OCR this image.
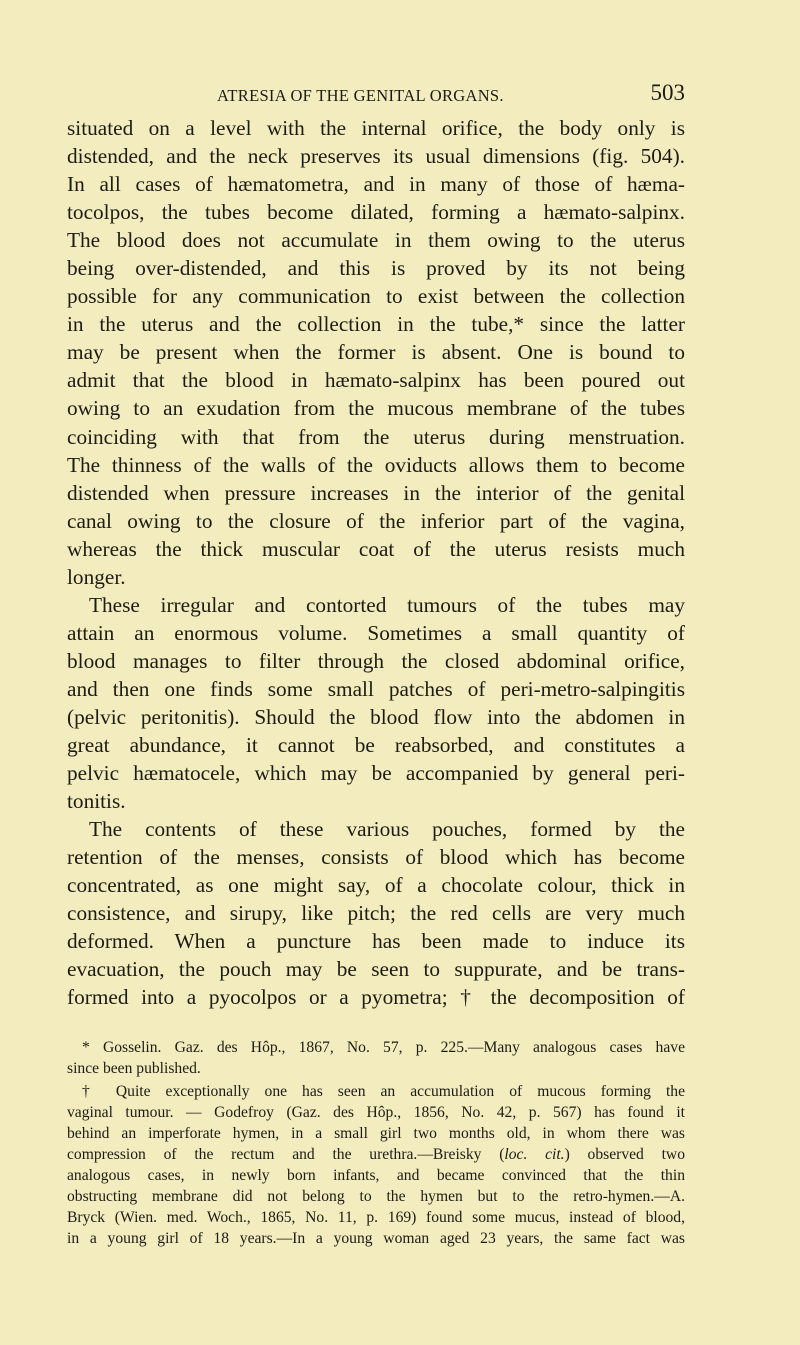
ATRESIA OF THE GENITAL ORGANS.	503
situated on a level with the internal orifice, the body only is
distended, and the neck preserves its usual dimensions (fig. 504).
In all cases of hæmatometra, and in many of those of hæma-
tocolpos, the tubes become dilated, forming a hæmato-salpinx.
The blood does not accumulate in them owing to the uterus
being over-distended, and this is proved by its not being
possible for any communication to exist between the collection
in the uterus and the collection in the tube,* since the latter
may be present when the former is absent. One is bound to
admit that the blood in hæmato-salpinx has been poured out
owing to an exudation from the mucous membrane of the tubes
coinciding with that from the uterus during menstruation.
The thinness of the walls of the oviducts allows them to become
distended when pressure increases in the interior of the genital
canal owing to the closure of the inferior part of the vagina,
whereas the thick muscular coat of the uterus resists much
longer.
These irregular and contorted tumours of the tubes may
attain an enormous volume. Sometimes a small quantity of
blood manages to filter through the closed abdominal orifice,
and then one finds some small patches of peri-metro-salpingitis
(pelvic peritonitis). Should the blood flow into the abdomen in
great abundance, it cannot be reabsorbed, and constitutes a
pelvic hæmatocele, which may be accompanied by general peri-
tonitis.
The contents of these various pouches, formed by the
retention of the menses, consists of blood which has become
concentrated, as one might say, of a chocolate colour, thick in
consistence, and sirupy, like pitch; the red cells are very much
deformed. When a puncture has been made to induce its
evacuation, the pouch may be seen to suppurate, and be trans-
formed into a pyocolpos or a pyometra; † the decomposition of
* Gosselin. Gaz. des Hôp., 1867, No. 57, p. 225.—Many analogous cases have
since been published.
† Quite exceptionally one has seen an accumulation of mucous forming the
vaginal tumour. — Godefroy (Gaz. des Hôp., 1856, No. 42, p. 567) has found it
behind an imperforate hymen, in a small girl two months old, in whom there was
compression of the rectum and the urethra.—Breisky (loc. cit.) observed two
analogous cases, in newly born infants, and became convinced that the thin
obstructing membrane did not belong to the hymen but to the retro-hymen.—A.
Bryck (Wien. med. Woch., 1865, No. 11, p. 169) found some mucus, instead of blood,
in a young girl of 18 years.—In a young woman aged 23 years, the same fact was
